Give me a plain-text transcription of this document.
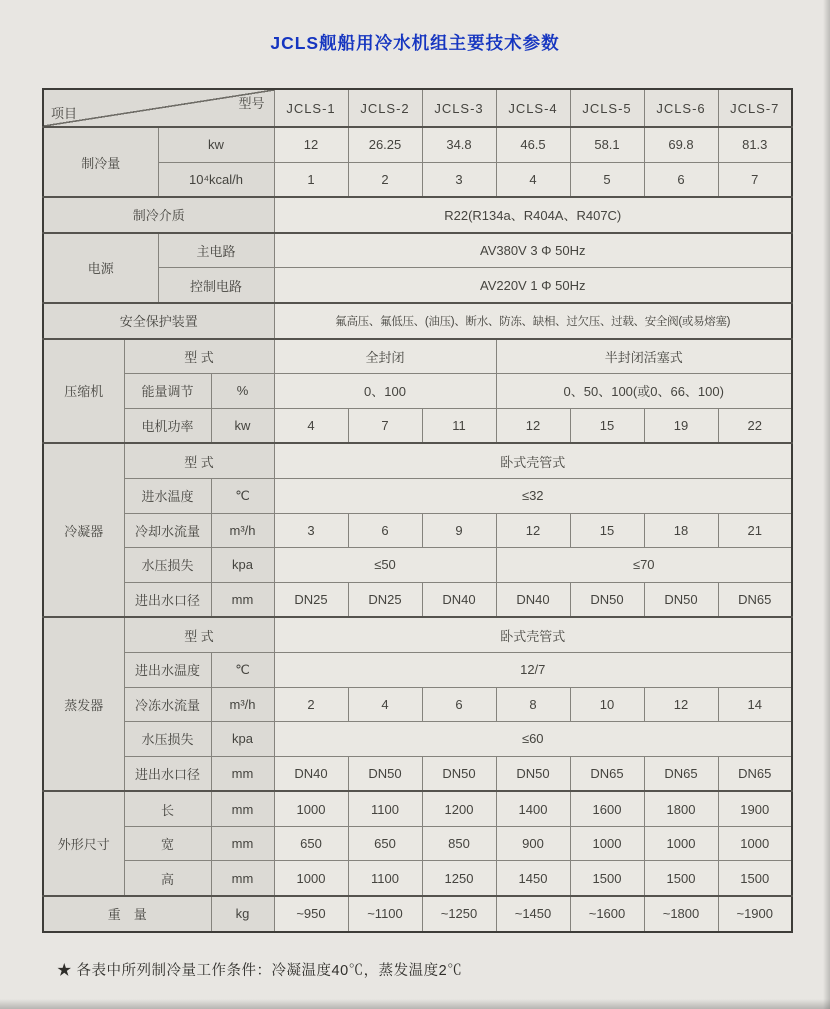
JCLS舰船用冷水机组主要技术参数
型号
项目				JCLS-1	JCLS-2	JCLS-3	JCLS-4	JCLS-5	JCLS-6	JCLS-7
制冷量		kw		12	26.25	34.8	46.5	58.1	69.8	81.3
		10⁴kcal/h		1	2	3	4	5	6	7
制冷介质				R22(R134a、R404A、R407C)						
电源		主电路		AV380V 3 Φ 50Hz						
		控制电路		AV220V 1 Φ 50Hz						
安全保护装置				氟高压、氟低压、(油压)、断水、防冻、缺相、过欠压、过载、安全阀(或易熔塞)						
压缩机	型 式			全封闭			半封闭活塞式			
	能量调节		%	0、100			0、50、100(或0、66、100)			
	电机功率		kw	4	7	11	12	15	19	22
冷凝器	型 式			卧式壳管式						
	进水温度		℃	≤32						
	冷却水流量		m³/h	3	6	9	12	15	18	21
	水压损失		kpa	≤50			≤70			
	进出水口径		mm	DN25	DN25	DN40	DN40	DN50	DN50	DN65
蒸发器	型 式			卧式壳管式						
	进出水温度		℃	12/7						
	冷冻水流量		m³/h	2	4	6	8	10	12	14
	水压损失		kpa	≤60						
	进出水口径		mm	DN40	DN50	DN50	DN50	DN65	DN65	DN65
外形尺寸	长		mm	1000	1100	1200	1400	1600	1800	1900
	宽		mm	650	650	850	900	1000	1000	1000
	高		mm	1000	1100	1250	1450	1500	1500	1500
重　量			kg	~950	~1100	~1250	~1450	~1600	~1800	~1900
★ 各表中所列制冷量工作条件：冷凝温度40℃，蒸发温度2℃
